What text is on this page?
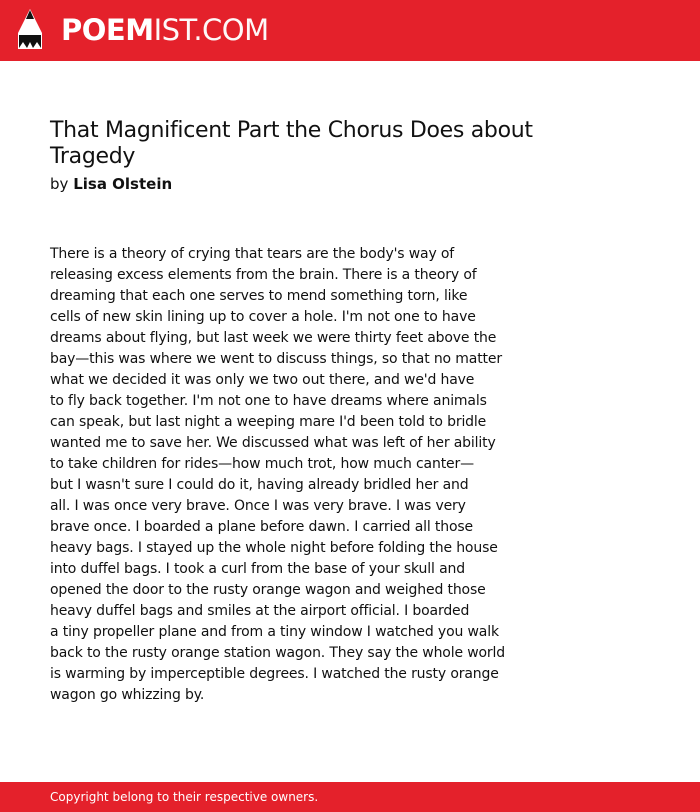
POEMIST.COM
That Magnificent Part the Chorus Does about Tragedy
by Lisa Olstein
There is a theory of crying that tears are the body's way of
releasing excess elements from the brain. There is a theory of
dreaming that each one serves to mend something torn, like
cells of new skin lining up to cover a hole. I'm not one to have
dreams about flying, but last week we were thirty feet above the
bay—this was where we went to discuss things, so that no matter
what we decided it was only we two out there, and we'd have
to fly back together. I'm not one to have dreams where animals
can speak, but last night a weeping mare I'd been told to bridle
wanted me to save her. We discussed what was left of her ability
to take children for rides—how much trot, how much canter—
but I wasn't sure I could do it, having already bridled her and
all. I was once very brave. Once I was very brave. I was very
brave once. I boarded a plane before dawn. I carried all those
heavy bags. I stayed up the whole night before folding the house
into duffel bags. I took a curl from the base of your skull and
opened the door to the rusty orange wagon and weighed those
heavy duffel bags and smiles at the airport official. I boarded
a tiny propeller plane and from a tiny window I watched you walk
back to the rusty orange station wagon. They say the whole world
is warming by imperceptible degrees. I watched the rusty orange
wagon go whizzing by.
Copyright belong to their respective owners.
